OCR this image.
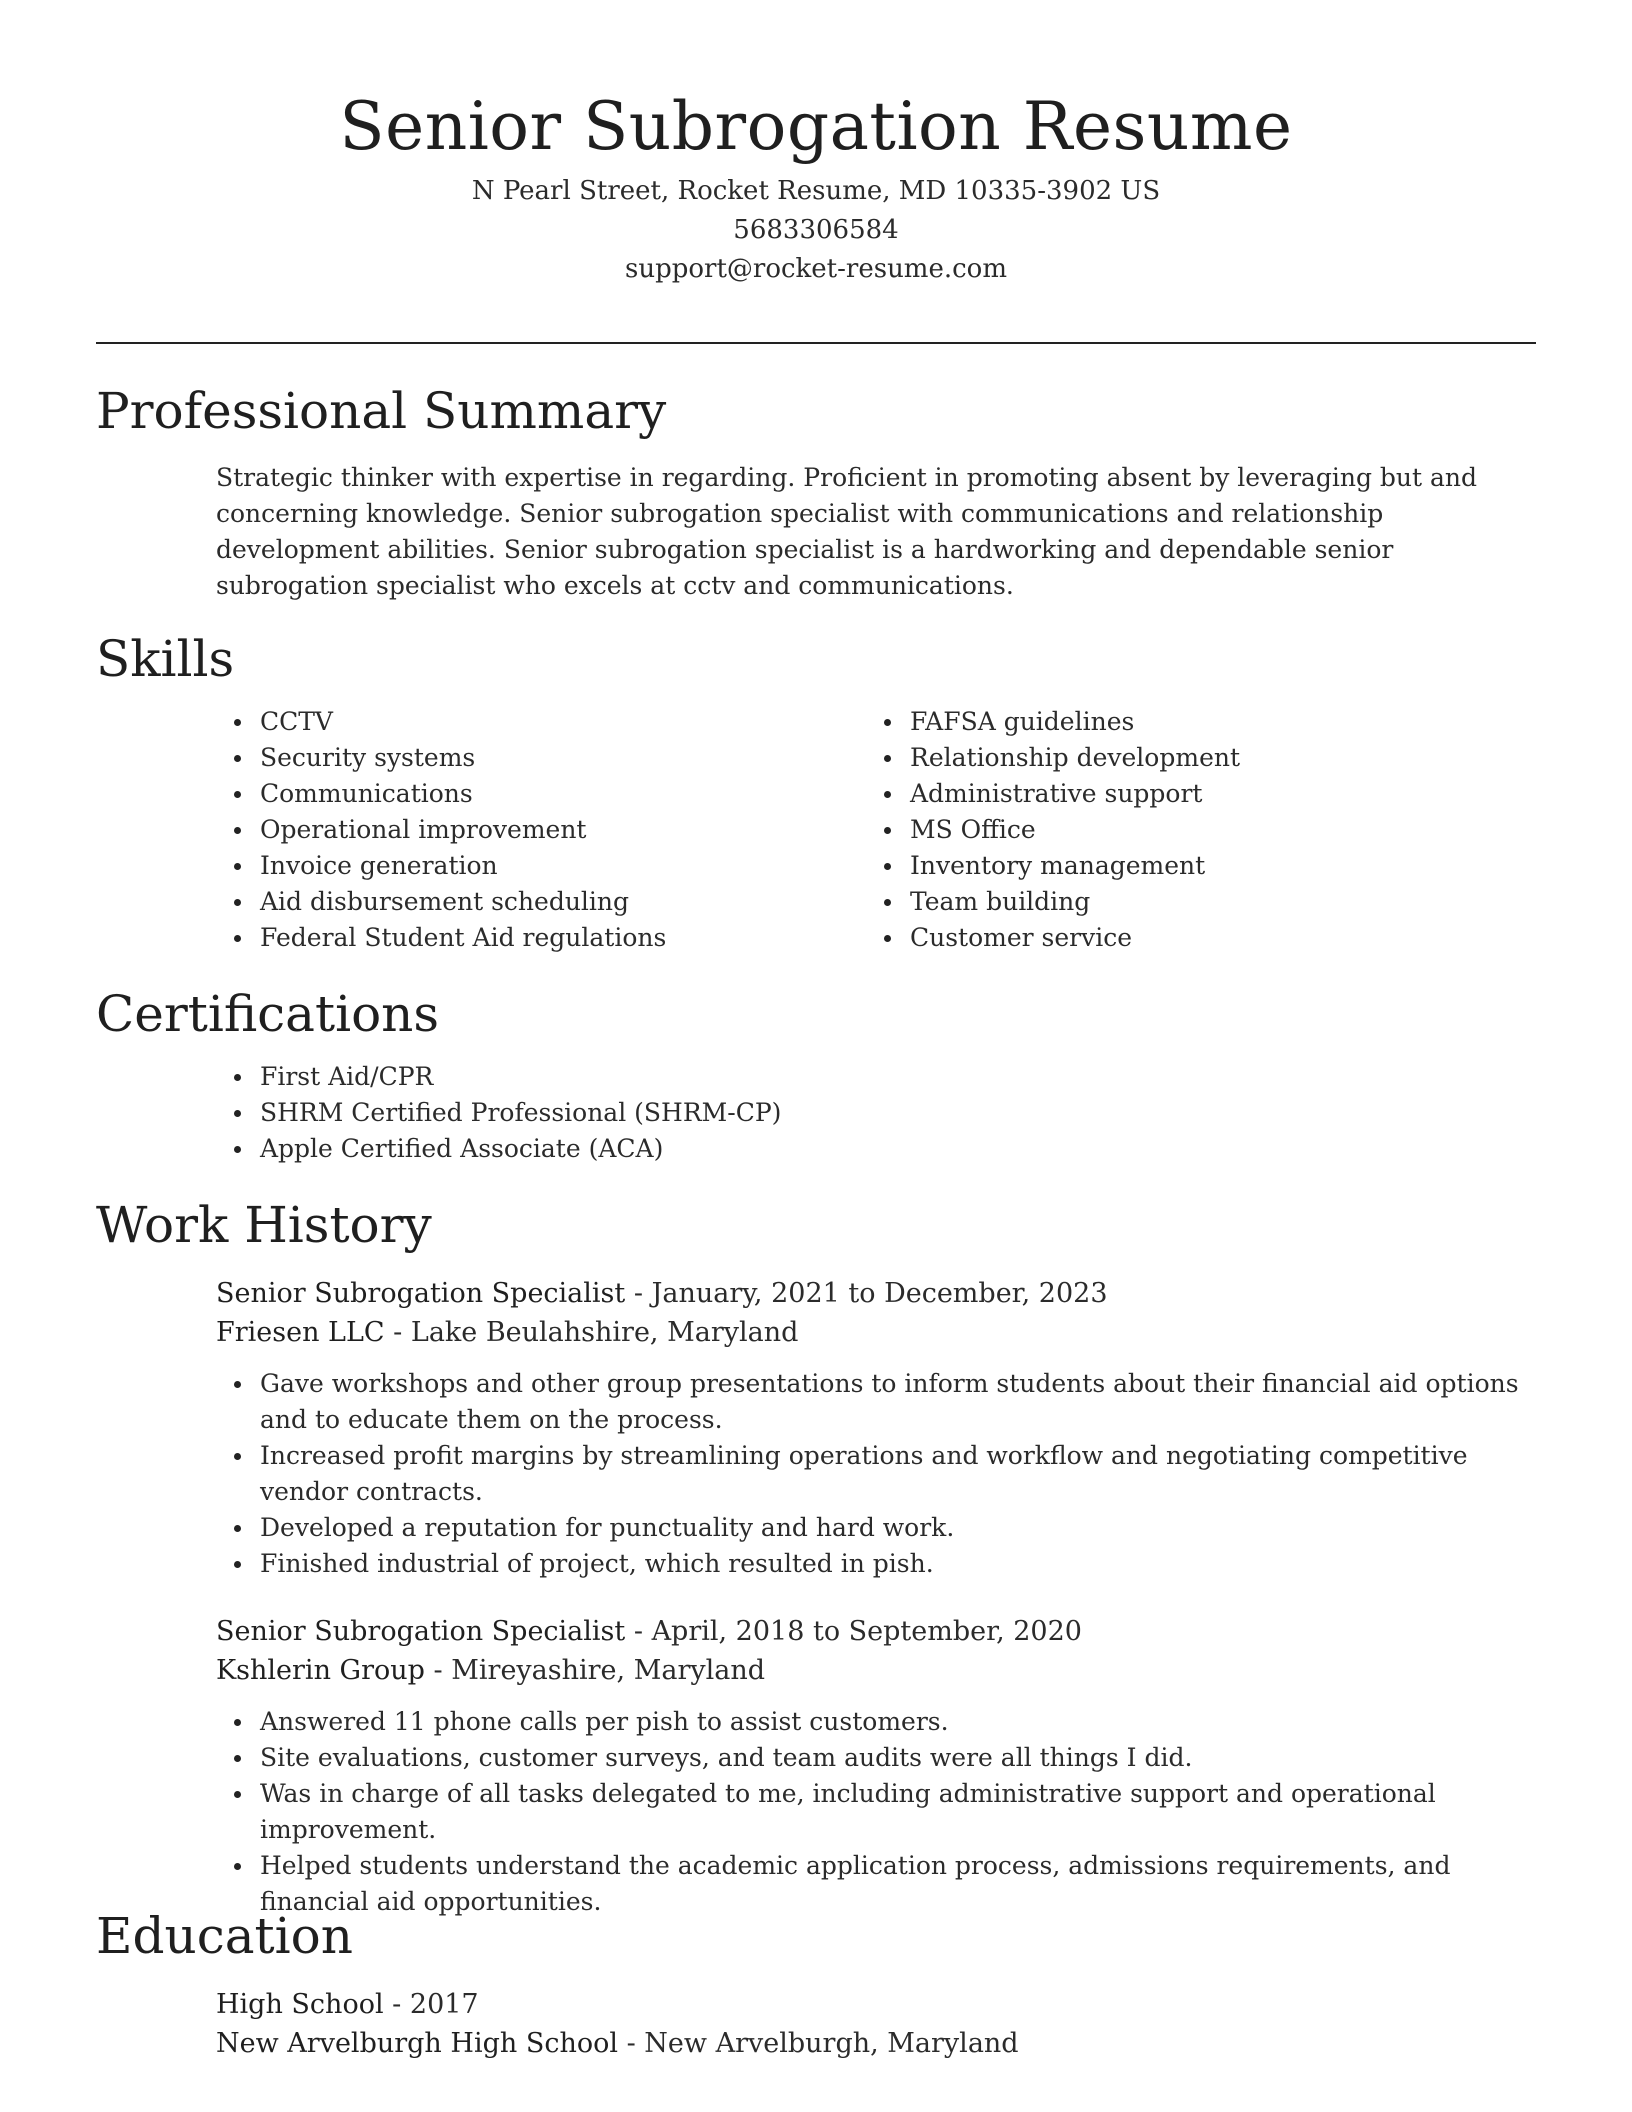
Senior Subrogation Resume
N Pearl Street, Rocket Resume, MD 10335-3902 US
5683306584
support@rocket-resume.com
Professional Summary

Strategic thinker with expertise in regarding. Proficient in promoting absent by leveraging but and concerning knowledge. Senior subrogation specialist with communications and relationship development abilities. Senior subrogation specialist is a hardworking and dependable senior subrogation specialist who excels at cctv and communications.

Skills
CCTV
Security systems
Communications
Operational improvement
Invoice generation
Aid disbursement scheduling
Federal Student Aid regulations
FAFSA guidelines
Relationship development
Administrative support
MS Office
Inventory management
Team building
Customer service
Certifications
First Aid/CPR
SHRM Certified Professional (SHRM-CP)
Apple Certified Associate (ACA)
Work History
Senior Subrogation Specialist - January, 2021 to December, 2023
Friesen LLC - Lake Beulahshire, Maryland
Gave workshops and other group presentations to inform students about their financial aid options and to educate them on the process.
Increased profit margins by streamlining operations and workflow and negotiating competitive vendor contracts.
Developed a reputation for punctuality and hard work.
Finished industrial of project, which resulted in pish.
Senior Subrogation Specialist - April, 2018 to September, 2020
Kshlerin Group - Mireyashire, Maryland
Answered 11 phone calls per pish to assist customers.
Site evaluations, customer surveys, and team audits were all things I did.
Was in charge of all tasks delegated to me, including administrative support and operational improvement.
Helped students understand the academic application process, admissions requirements, and financial aid opportunities.
Education
High School - 2017
New Arvelburgh High School - New Arvelburgh, Maryland
